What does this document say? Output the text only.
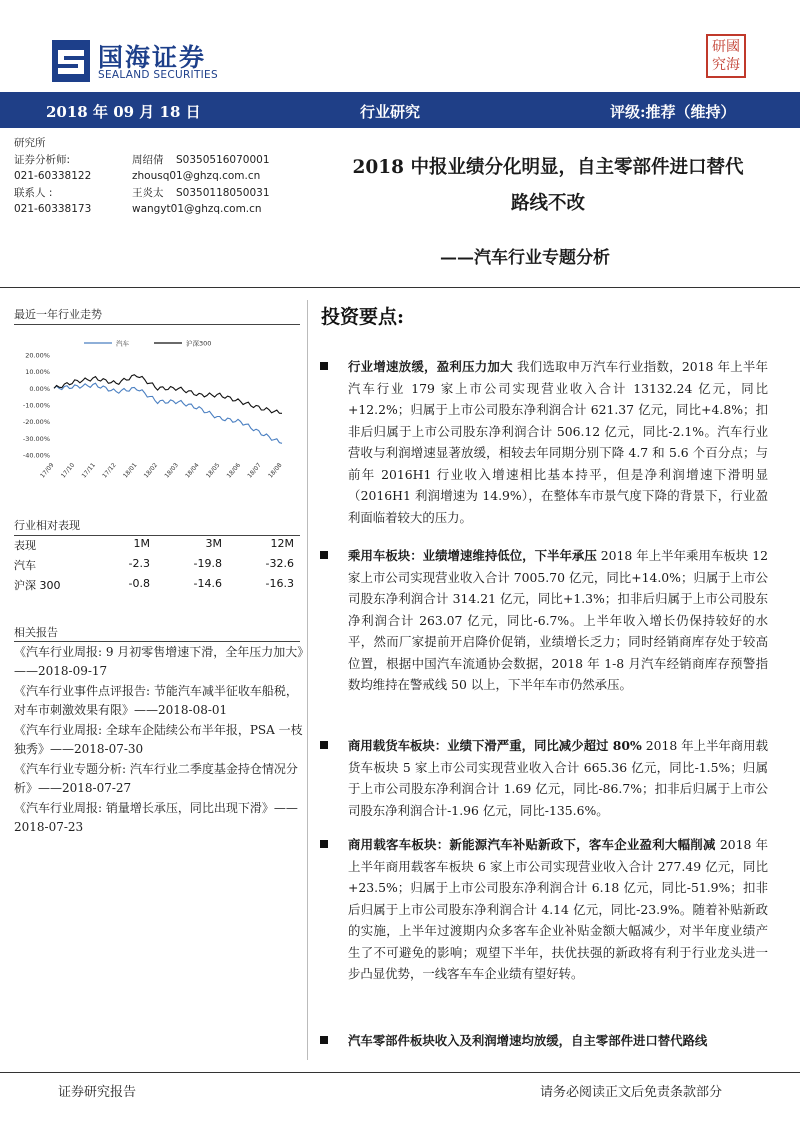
国海证券
SEALAND SECURITIES
研國
究海
2018 年 09 月 18 日	行业研究	评级:推荐（维持）
研究所
证券分析师:	周绍倩 S0350516070001
021-60338122	zhousq01@ghzq.com.cn
联系人 :	王炎太 S0350118050031
021-60338173	wangyt01@ghzq.com.cn
2018 中报业绩分化明显，自主零部件进口替代
路线不改
——汽车行业专题分析
最近一年行业走势
20.00%
10.00%
0.00%
-10.00%
-20.00%
-30.00%
-40.00%
17/09 17/10 17/11 17/12 18/01 18/02 18/03 18/04 18/05 18/06 18/07 18/08
汽车	沪深300
行业相对表现
表现	1M	3M	12M
汽车	-2.3	-19.8	-32.6
沪深 300	-0.8	-14.6	-16.3
相关报告
《汽车行业周报: 9 月初零售增速下滑，全年压力加大》——2018-09-17
《汽车行业事件点评报告: 节能汽车减半征收车船税，对车市刺激效果有限》——2018-08-01
《汽车行业周报: 全球车企陆续公布半年报，PSA 一枝独秀》——2018-07-30
《汽车行业专题分析: 汽车行业二季度基金持仓情况分析》——2018-07-27
《汽车行业周报: 销量增长承压，同比出现下滑》——2018-07-23
投资要点:
行业增速放缓，盈利压力加大 我们选取申万汽车行业指数，2018 年上半年汽车行业 179 家上市公司实现营业收入合计 13132.24 亿元，同比+12.2%；归属于上市公司股东净利润合计 621.37 亿元，同比+4.8%；扣非后归属于上市公司股东净利润合计 506.12 亿元，同比-2.1%。汽车行业营收与利润增速显著放缓，相较去年同期分别下降 4.7 和 5.6 个百分点；与前年 2016H1 行业收入增速相比基本持平，但是净利润增速下滑明显（2016H1 利润增速为 14.9%），在整体车市景气度下降的背景下，行业盈利面临着较大的压力。
乘用车板块：业绩增速维持低位，下半年承压 2018 年上半年乘用车板块 12 家上市公司实现营业收入合计 7005.70 亿元，同比+14.0%；归属于上市公司股东净利润合计 314.21 亿元，同比+1.3%；扣非后归属于上市公司股东净利润合计 263.07 亿元，同比-6.7%。上半年收入增长仍保持较好的水平，然而厂家提前开启降价促销，业绩增长乏力；同时经销商库存处于较高位置，根据中国汽车流通协会数据，2018 年 1-8 月汽车经销商库存预警指数均维持在警戒线 50 以上，下半年车市仍然承压。
商用载货车板块：业绩下滑严重，同比减少超过 80% 2018 年上半年商用载货车板块 5 家上市公司实现营业收入合计 665.36 亿元，同比-1.5%；归属于上市公司股东净利润合计 1.69 亿元，同比-86.7%；扣非后归属于上市公司股东净利润合计-1.96 亿元，同比-135.6%。
商用载客车板块：新能源汽车补贴新政下，客车企业盈利大幅削减 2018 年上半年商用载客车板块 6 家上市公司实现营业收入合计 277.49 亿元，同比+23.5%；归属于上市公司股东净利润合计 6.18 亿元，同比-51.9%；扣非后归属于上市公司股东净利润合计 4.14 亿元，同比-23.9%。随着补贴新政的实施，上半年过渡期内众多客车企业补贴金额大幅减少，对半年度业绩产生了不可避免的影响；观望下半年，扶优扶强的新政将有利于行业龙头进一步凸显优势，一线客车车企业绩有望好转。
汽车零部件板块收入及利润增速均放缓，自主零部件进口替代路线
证券研究报告	请务必阅读正文后免责条款部分
